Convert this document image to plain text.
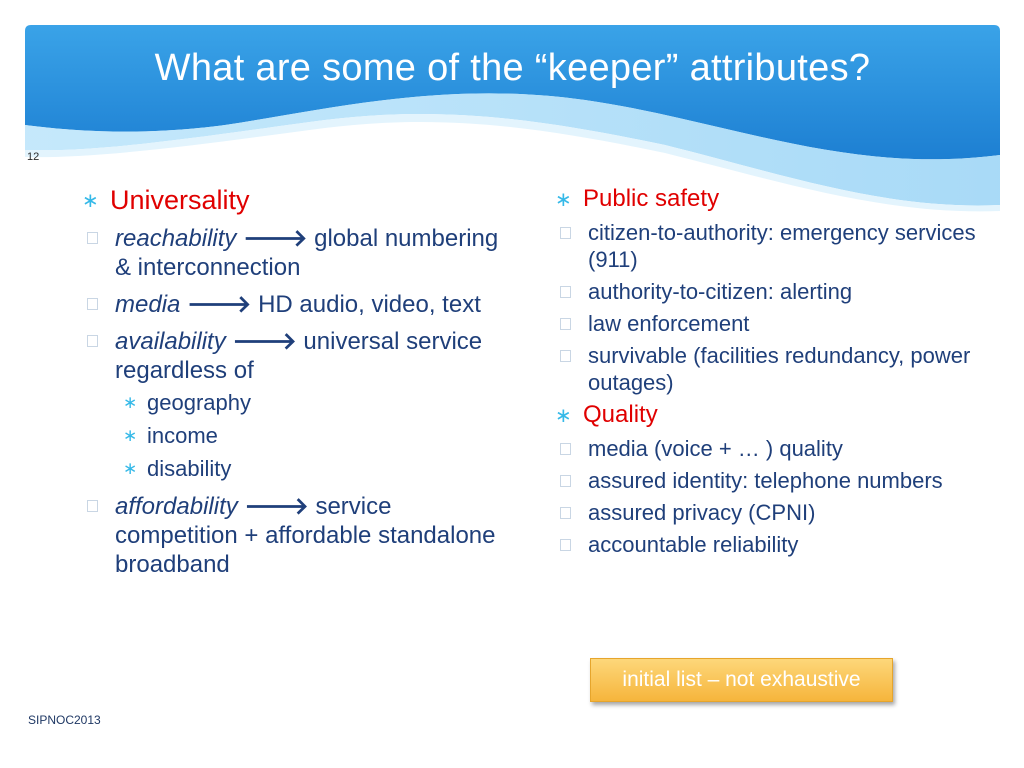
What are some of the “keeper” attributes?
12
∗ Universality
reachability 🡒 global numbering & interconnection
media 🡒 HD audio, video, text
availability 🡒 universal service regardless of
∗ geography
∗ income
∗ disability
affordability 🡒 service competition + affordable standalone broadband
∗ Public safety
citizen-to-authority: emergency services (911)
authority-to-citizen: alerting
law enforcement
survivable (facilities redundancy, power outages)
∗ Quality
media (voice + … ) quality
assured identity: telephone numbers
assured privacy (CPNI)
accountable reliability
initial list – not exhaustive
SIPNOC2013
